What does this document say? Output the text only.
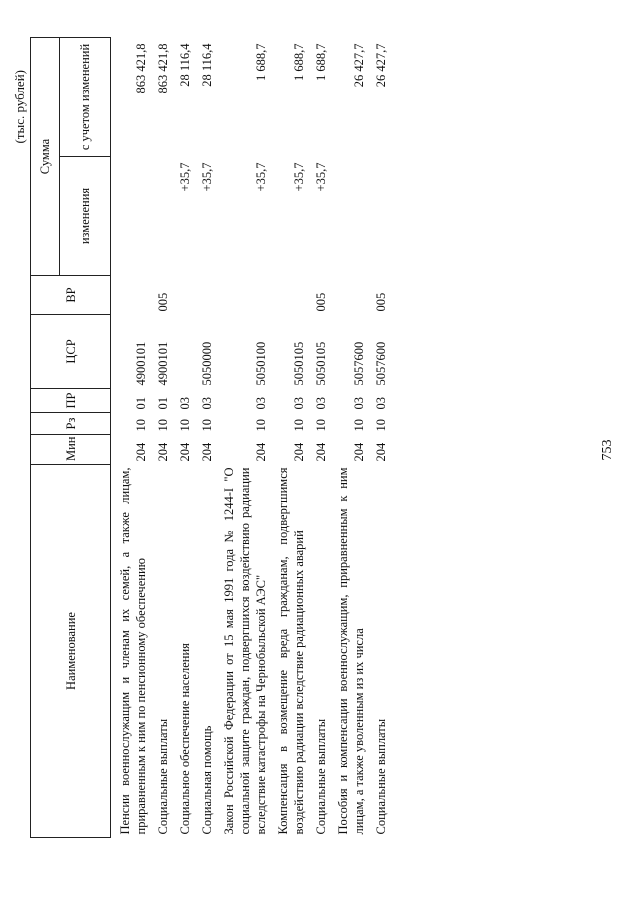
(тыс. рублей)
Наименование	Мин	Рз	ПР	ЦСР	ВР	Сумма	
						изменения	с учетом изменений

Пенсии военнослужащим и членам их семей, а также лицам, приравненным к ним по пенсионному обеспечению	204	10	01	4900101			863 421,8

Социальные выплаты	204	10	01	4900101	005		863 421,8

Социальное обеспечение населения	204	10	03			+35,7	28 116,4

Социальная помощь	204	10	03	5050000		+35,7	28 116,4

Закон Российской Федерации от 15 мая 1991 года № 1244-I "О социальной защите граждан, подвергшихся воздействию радиации вследствие катастрофы на Чернобыльской АЭС"	204	10	03	5050100		+35,7	1 688,7

Компенсация в возмещение вреда гражданам, подвергшимся воздействию радиации вследствие радиационных аварий	204	10	03	5050105		+35,7	1 688,7

Социальные выплаты	204	10	03	5050105	005	+35,7	1 688,7

Пособия и компенсации военнослужащим, приравненным к ним лицам, а также уволенным из их числа	204	10	03	5057600			26 427,7

Социальные выплаты	204	10	03	5057600	005		26 427,7
753
